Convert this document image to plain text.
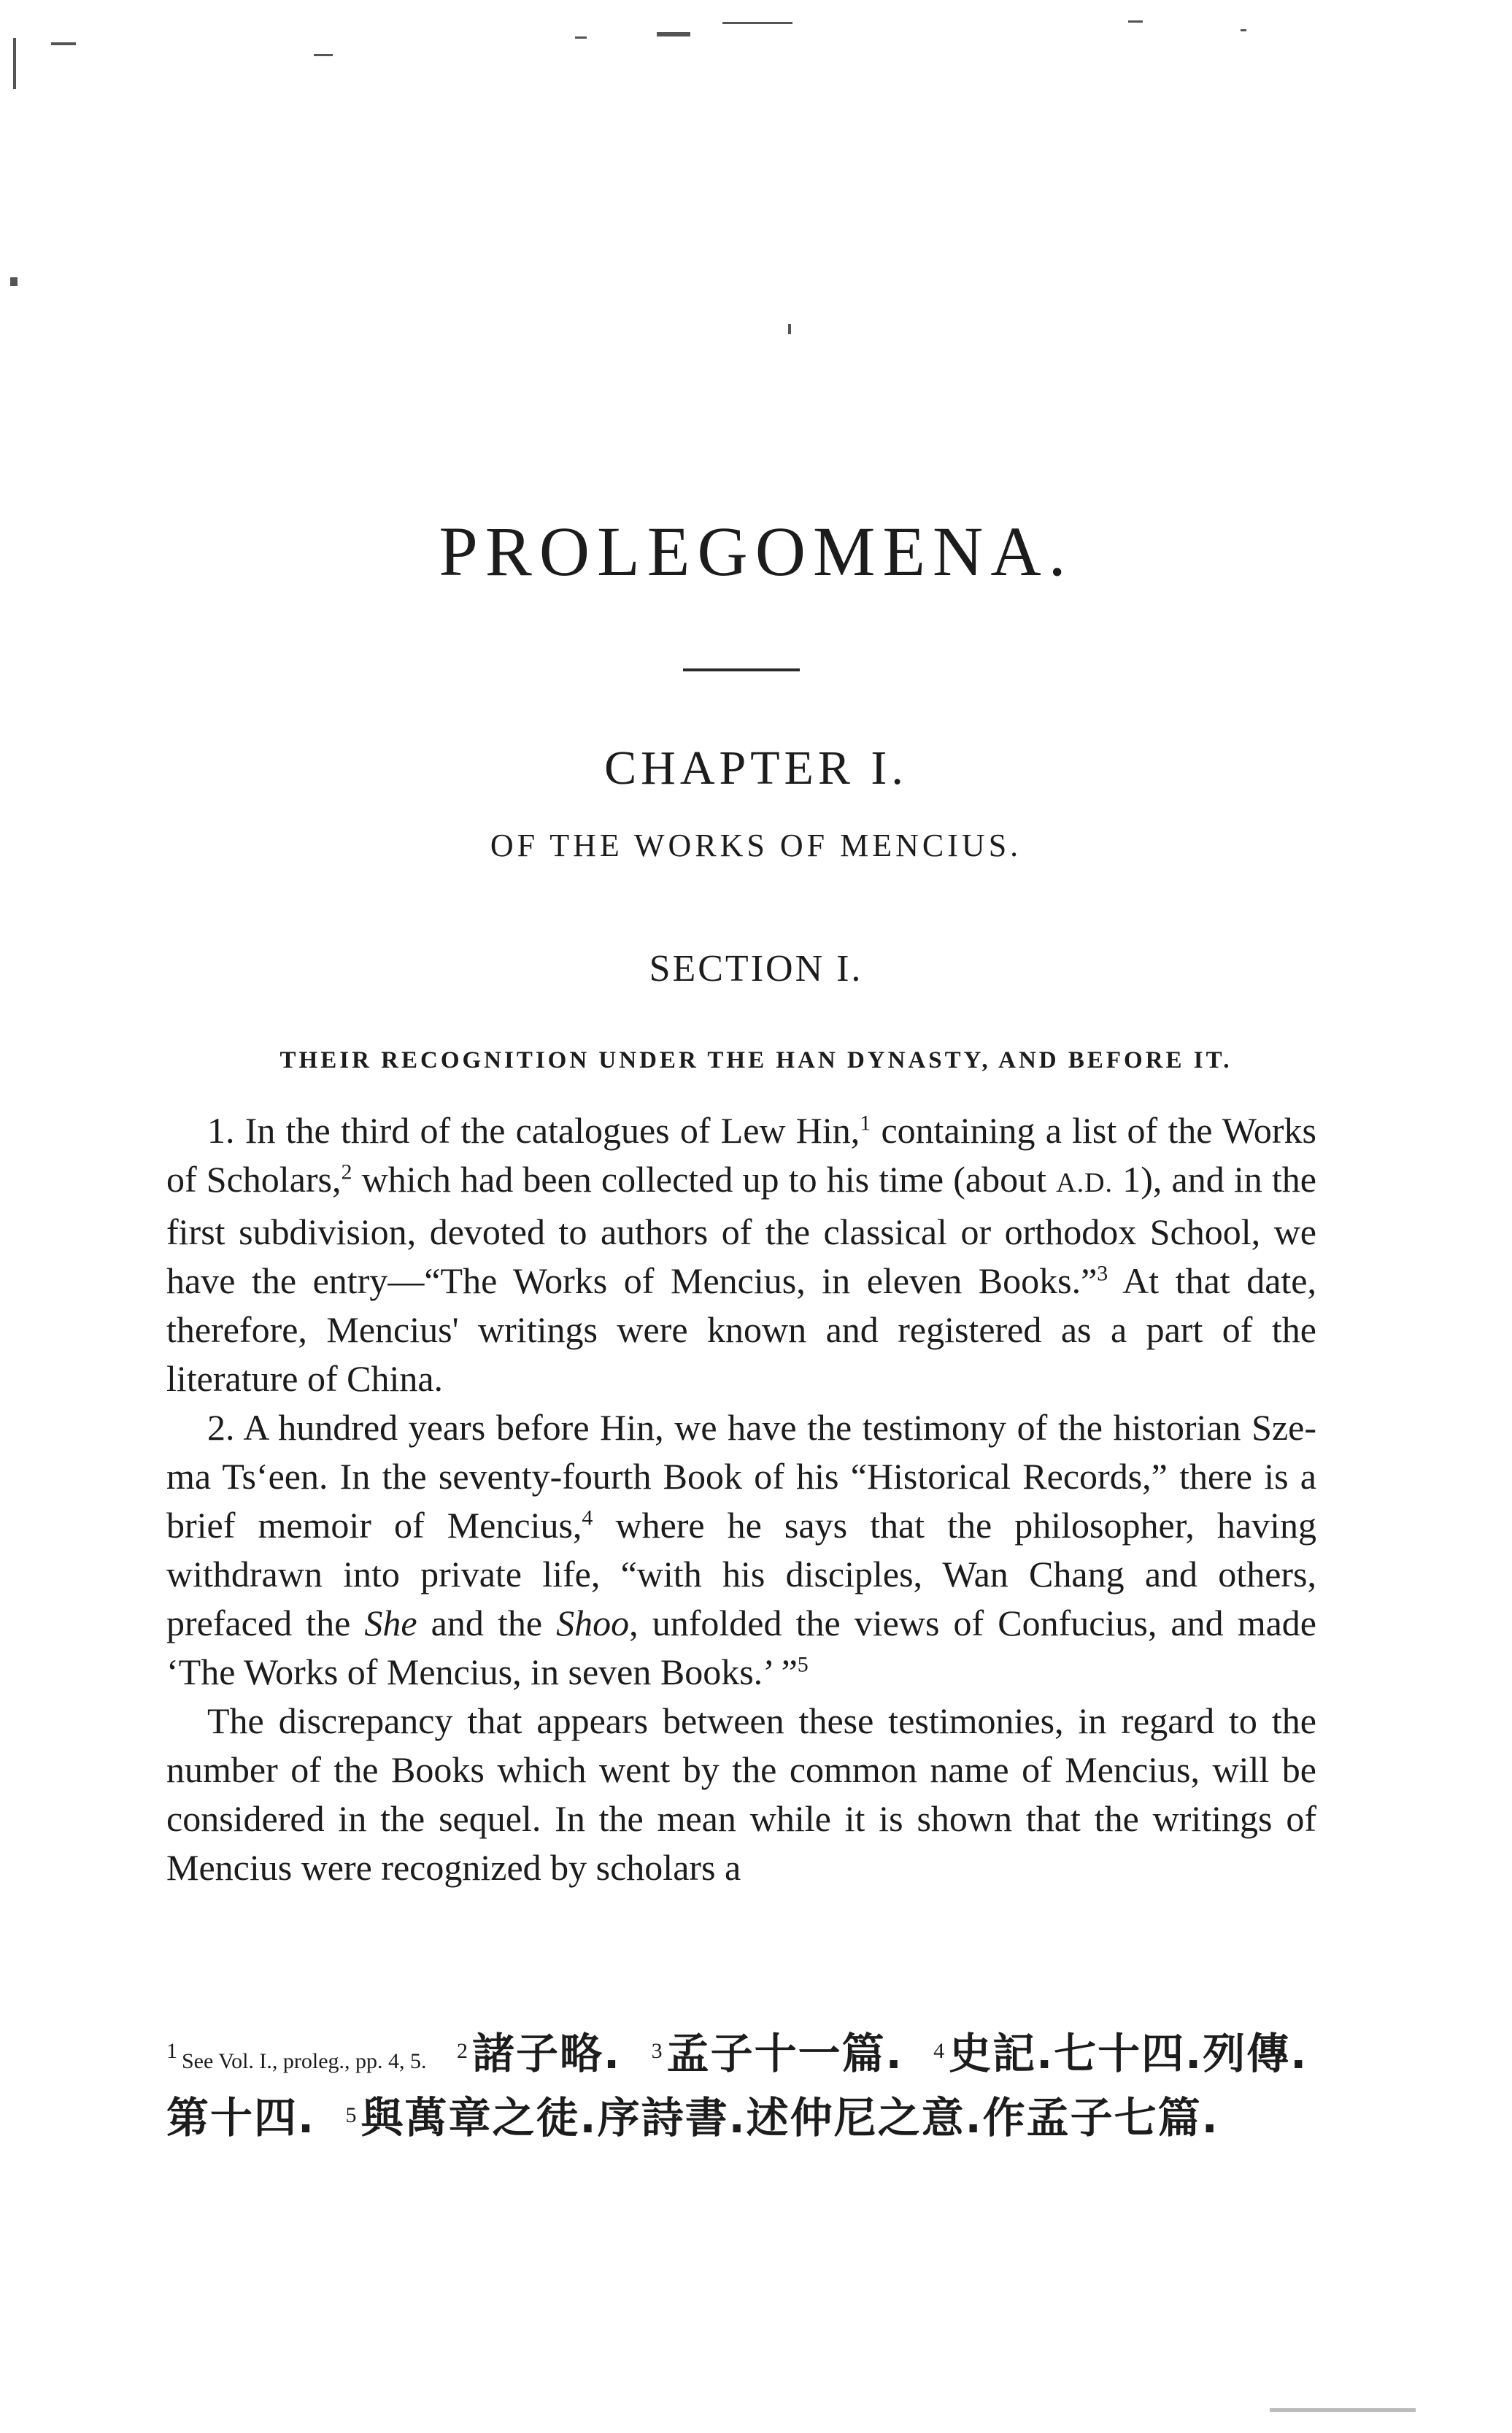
PROLEGOMENA.
CHAPTER I.
OF THE WORKS OF MENCIUS.
SECTION I.
THEIR RECOGNITION UNDER THE HAN DYNASTY, AND BEFORE IT.

1. In the third of the catalogues of Lew Hin,$^1$ containing a list of the Works of Scholars,$^2$ which had been collected up to his time (about A.D. 1), and in the first subdivision, devoted to authors of the classical or orthodox School, we have the entry—“The Works of Mencius, in eleven Books.”$^3$ At that date, therefore, Mencius' writings were known and registered as a part of the literature of China.

2. A hundred years before Hin, we have the testimony of the historian Sze-ma Ts‘een. In the seventy-fourth Book of his “Historical Records,” there is a brief memoir of Mencius,$^4$ where he says that the philosopher, having withdrawn into private life, “with his disciples, Wan Chang and others, prefaced the She and the Shoo, unfolded the views of Confucius, and made ‘The Works of Mencius, in seven Books.’ ”$^5$

The discrepancy that appears between these testimonies, in regard to the number of the Books which went by the common name of Mencius, will be considered in the sequel. In the mean while it is shown that the writings of Mencius were recognized by scholars a

1 See Vol. I., proleg., pp. 4, 5. 2 諸子略. 3 孟子十一篇. 4 史記.七十四.列傳.第十四. 5 與萬章之徒.序詩書.述仲尼之意.作孟子七篇.
